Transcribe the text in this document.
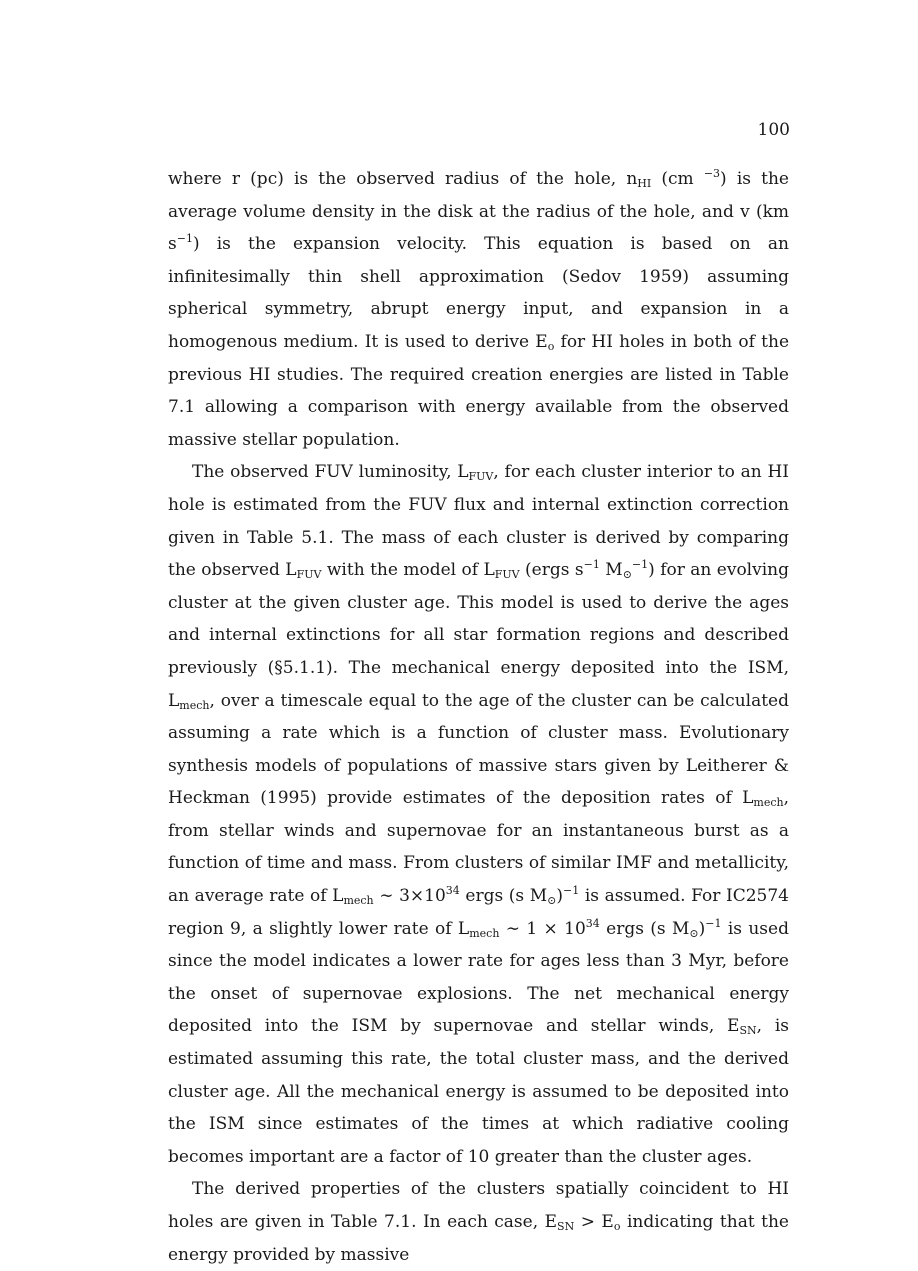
100

where r (pc) is the observed radius of the hole, $n_{HI}$ (cm $^{-3}$) is the average volume density in the disk at the radius of the hole, and v (km $s^{-1}$) is the expansion velocity. This equation is based on an infinitesimally thin shell approximation (Sedov 1959) assuming spherical symmetry, abrupt energy input, and expansion in a homogenous medium. It is used to derive $E_o$ for HI holes in both of the previous HI studies. The required creation energies are listed in Table 7.1 allowing a comparison with energy available from the observed massive stellar population.

The observed FUV luminosity, $L_{FUV}$, for each cluster interior to an HI hole is estimated from the FUV flux and internal extinction correction given in Table 5.1. The mass of each cluster is derived by comparing the observed $L_{FUV}$ with the model of $L_{FUV}$ (ergs $s^{-1}$ $M_⊙^{-1}$) for an evolving cluster at the given cluster age. This model is used to derive the ages and internal extinctions for all star formation regions and described previously (§5.1.1). The mechanical energy deposited into the ISM, $L_{mech}$, over a timescale equal to the age of the cluster can be calculated assuming a rate which is a function of cluster mass. Evolutionary synthesis models of populations of massive stars given by Leitherer & Heckman (1995) provide estimates of the deposition rates of $L_{mech}$, from stellar winds and supernovae for an instantaneous burst as a function of time and mass. From clusters of similar IMF and metallicity, an average rate of $L_{mech}$ ∼ $3\times 10^{34}$ ergs (s $M_⊙)^{-1}$ is assumed. For IC2574 region 9, a slightly lower rate of $L_{mech}$ ∼ $1 \times 10^{34}$ ergs (s $M_⊙)^{-1}$ is used since the model indicates a lower rate for ages less than 3 Myr, before the onset of supernovae explosions. The net mechanical energy deposited into the ISM by supernovae and stellar winds, $E_{SN}$, is estimated assuming this rate, the total cluster mass, and the derived cluster age. All the mechanical energy is assumed to be deposited into the ISM since estimates of the times at which radiative cooling becomes important are a factor of 10 greater than the cluster ages.

The derived properties of the clusters spatially coincident to HI holes are given in Table 7.1. In each case, $E_{SN} > E_o$ indicating that the energy provided by massive
